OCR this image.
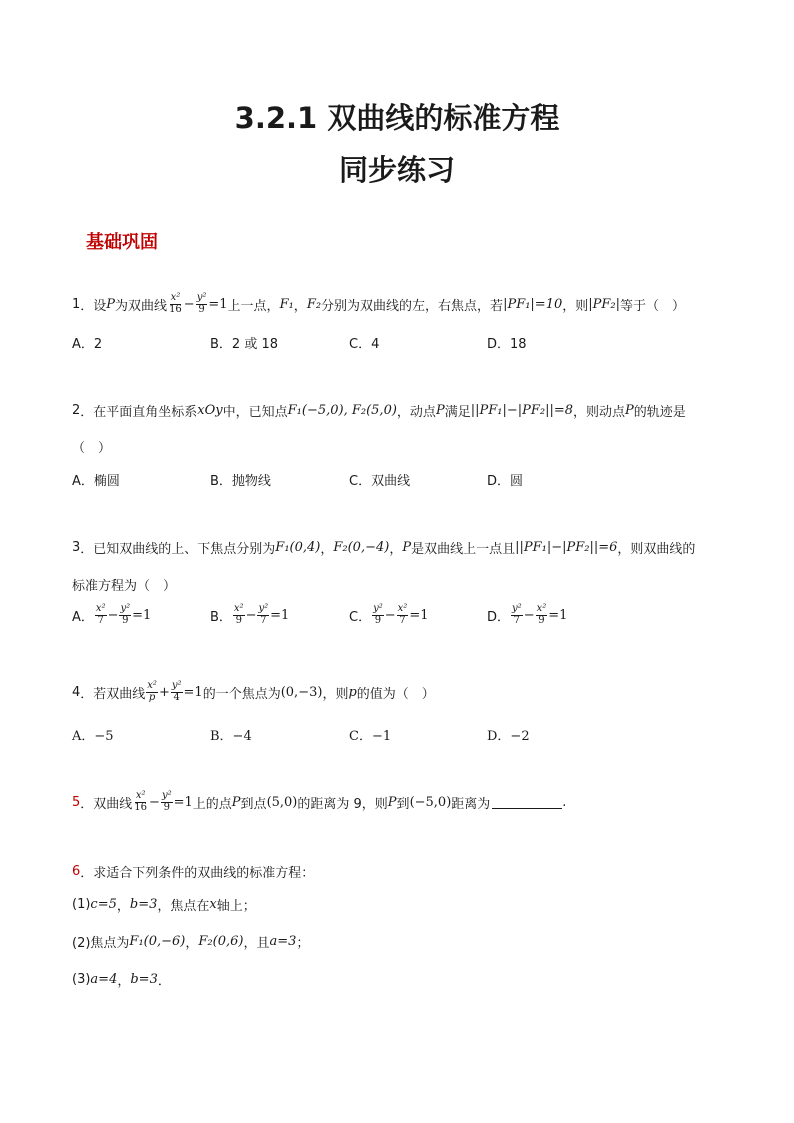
3.2.1 双曲线的标准方程
同步练习
基础巩固
1 ．设 P 为双曲线 $\frac{\text{x²}}{16} - \frac{\text{y²}}{9} =1$ 上一点， F₁ ， F₂ 分别为双曲线的左，右焦点，若 |PF₁|=10 ，则 |PF₂| 等于（　）
A．2	B．2 或 18	C．4	D．18
2 ．在平面直角坐标系 xOy 中，已知点 F₁(−5,0), F₂(5,0) ，动点 P 满足 ||PF₁|−|PF₂||=8 ，则动点 P 的轨迹是
（　）
A．椭圆	B．抛物线	C．双曲线	D．圆
3 ．已知双曲线的上、下焦点分别为 F₁(0,4) ， F₂(0,−4) ， P 是双曲线上一点且 ||PF₁|−|PF₂||=6 ，则双曲线的
标准方程为（　）
A． $\frac{\text{x²}}{7} - \frac{\text{y²}}{9} =1$	B． $\frac{\text{x²}}{9} - \frac{\text{y²}}{7} =1$	C． $\frac{\text{y²}}{9} - \frac{\text{x²}}{7} =1$	D． $\frac{\text{y²}}{7} - \frac{\text{x²}}{9} =1$
4 ．若双曲线 $\frac{\text{x²}}{p} + \frac{\text{y²}}{4} =1$ 的一个焦点为 (0,−3) ，则 p 的值为（　）
A．−5	B．−4	C．−1	D．−2
5 ．双曲线 $\frac{\text{x²}}{16} - \frac{\text{y²}}{9} =1$ 上的点 P 到点 (5,0) 的距离为 9，则 P 到 (−5,0) 距离为	.
6 ．求适合下列条件的双曲线的标准方程：
(1) c=5 ， b=3 ，焦点在 x 轴上；
(2)焦点为 F₁(0,−6) ， F₂(0,6) ，且 a=3 ；
(3) a=4 ， b=3 ．
